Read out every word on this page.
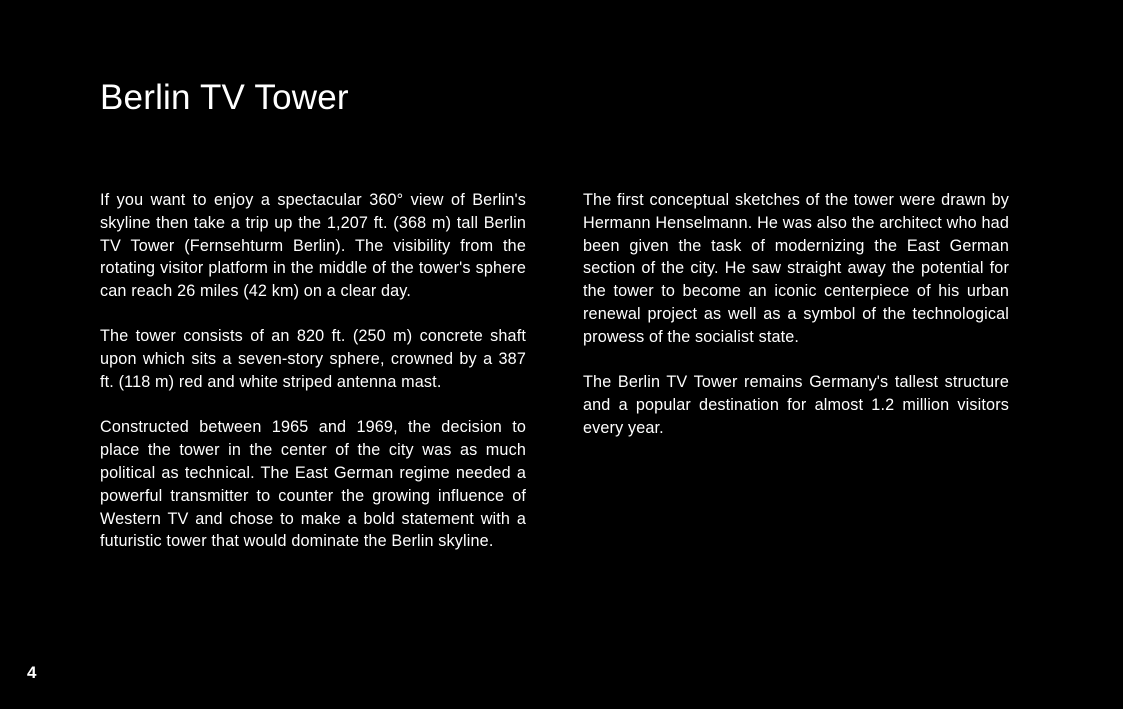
Berlin TV Tower

If you want to enjoy a spectacular 360° view of Berlin's skyline then take a trip up the 1,207 ft. (368 m) tall Berlin TV Tower (Fernsehturm Berlin). The visibility from the rotating visitor platform in the middle of the tower's sphere can reach 26 miles (42 km) on a clear day.

The tower consists of an 820 ft. (250 m) concrete shaft upon which sits a seven-story sphere, crowned by a 387 ft. (118 m) red and white striped antenna mast.

Constructed between 1965 and 1969, the decision to place the tower in the center of the city was as much political as technical. The East German regime needed a powerful transmitter to counter the growing influence of Western TV and chose to make a bold statement with a futuristic tower that would dominate the Berlin skyline.

The first conceptual sketches of the tower were drawn by Hermann Henselmann. He was also the architect who had been given the task of modernizing the East German section of the city. He saw straight away the potential for the tower to become an iconic centerpiece of his urban renewal project as well as a symbol of the technological prowess of the socialist state.

The Berlin TV Tower remains Germany's tallest structure and a popular destination for almost 1.2 million visitors every year.

4
